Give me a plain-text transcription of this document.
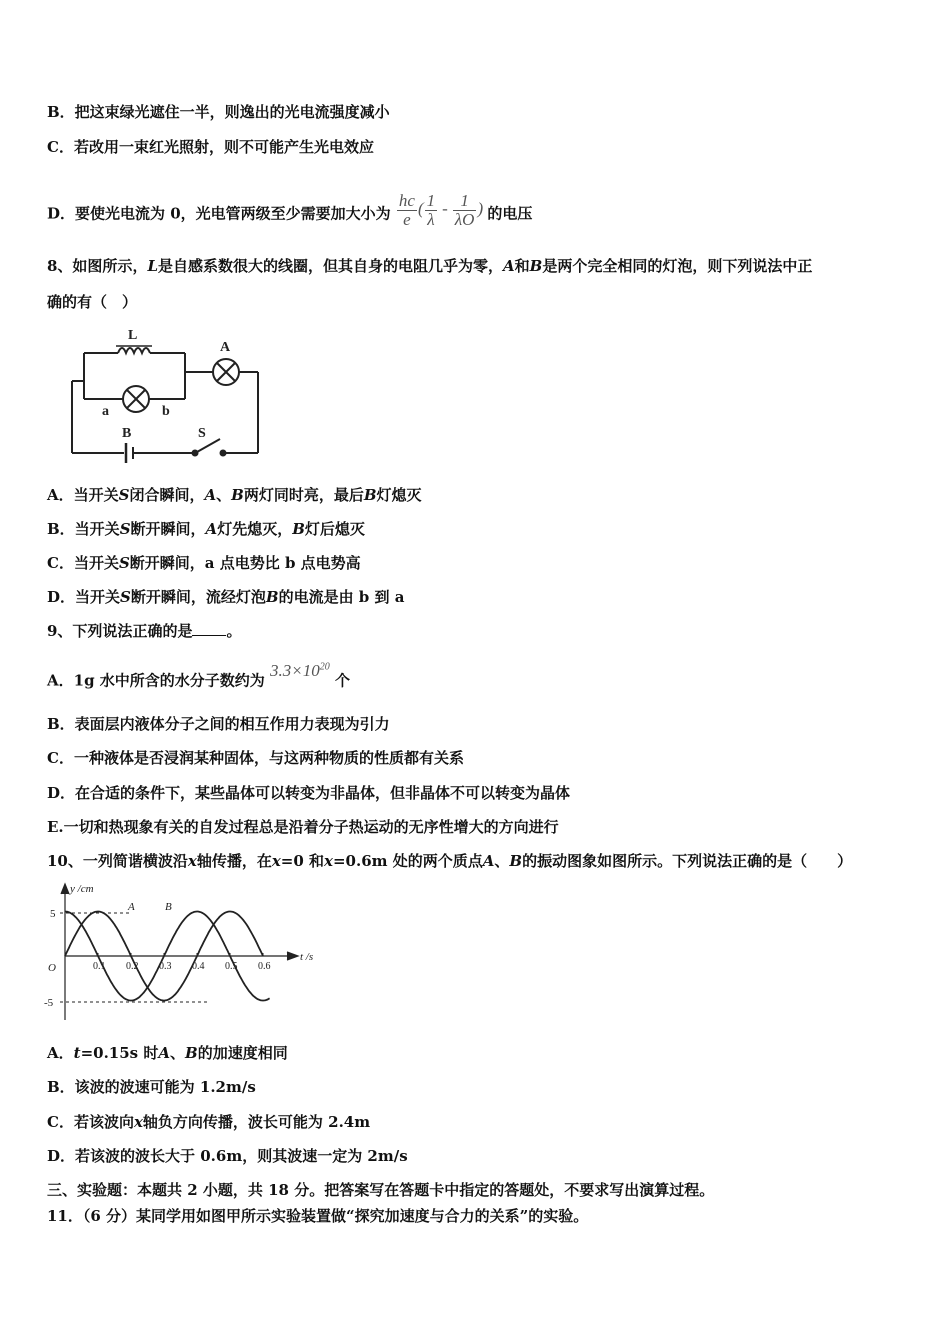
B．把这束绿光遮住一半，则逸出的光电流强度减小
C．若改用一束红光照射，则不可能产生光电效应
D．要使光电流为 0，光电管两级至少需要加大小为 $\frac{hc}{e}$ ( $\frac{1}{\lambda} - \frac{1}{\lambda O}$ ) 的电压
8、如图所示，L是自感系数很大的线圈，但其自身的电阻几乎为零，A和B是两个完全相同的灯泡，则下列说法中正
确的有（　）
L
A
a	b
B	S
A．当开关S闭合瞬间，A、B两灯同时亮，最后B灯熄灭
B．当开关S断开瞬间，A灯先熄灭，B灯后熄灭
C．当开关S断开瞬间，a 点电势比 b 点电势高
D．当开关S断开瞬间，流经灯泡B的电流是由 b 到 a
9、下列说法正确的是 。
A．1g 水中所含的水分子数约为 $3.3\times 10^{20}$ 个
B．表面层内液体分子之间的相互作用力表现为引力
C．一种液体是否浸润某种固体，与这两种物质的性质都有关系
D．在合适的条件下，某些晶体可以转变为非晶体，但非晶体不可以转变为晶体
E.一切和热现象有关的自发过程总是沿着分子热运动的无序性增大的方向进行
10、一列简谐横波沿x轴传播，在x=0 和x=0.6m 处的两个质点A、B的振动图象如图所示。下列说法正确的是（　　）
0.1 0.2 0.3 0.4 0.5 0.6
y /cm
t /s
O
5
-5
A	B
A．t=0.15s 时A、B的加速度相同
B．该波的波速可能为 1.2m/s
C．若该波向x轴负方向传播，波长可能为 2.4m
D．若该波的波长大于 0.6m，则其波速一定为 2m/s
三、实验题：本题共 2 小题，共 18 分。把答案写在答题卡中指定的答题处，不要求写出演算过程。
11．（6 分）某同学用如图甲所示实验装置做“探究加速度与合力的关系”的实验。
